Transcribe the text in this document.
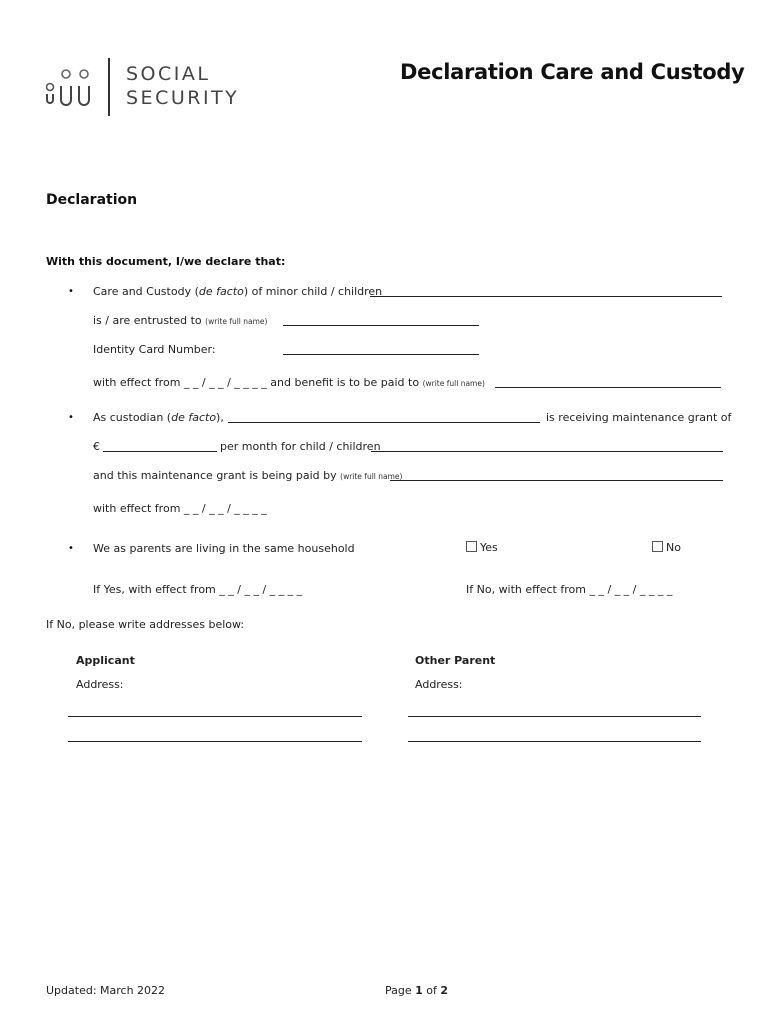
SOCIAL
SECURITY
Declaration Care and Custody
Declaration
With this document, I/we declare that:
• Care and Custody (de facto) of minor child / children
is / are entrusted to (write full name)
Identity Card Number:
with effect from _ _ / _ _ / _ _ _ _ and benefit is to be paid to (write full name)
• As custodian (de facto),	is receiving maintenance grant of
€	per month for child / children
and this maintenance grant is being paid by (write full name)
with effect from _ _ / _ _ / _ _ _ _
• We as parents are living in the same household	Yes	No
If Yes, with effect from _ _ / _ _ / _ _ _ _	If No, with effect from _ _ / _ _ / _ _ _ _
If No, please write addresses below:
Applicant
Address:
Other Parent
Address:
Updated: March 2022	Page 1 of 2
